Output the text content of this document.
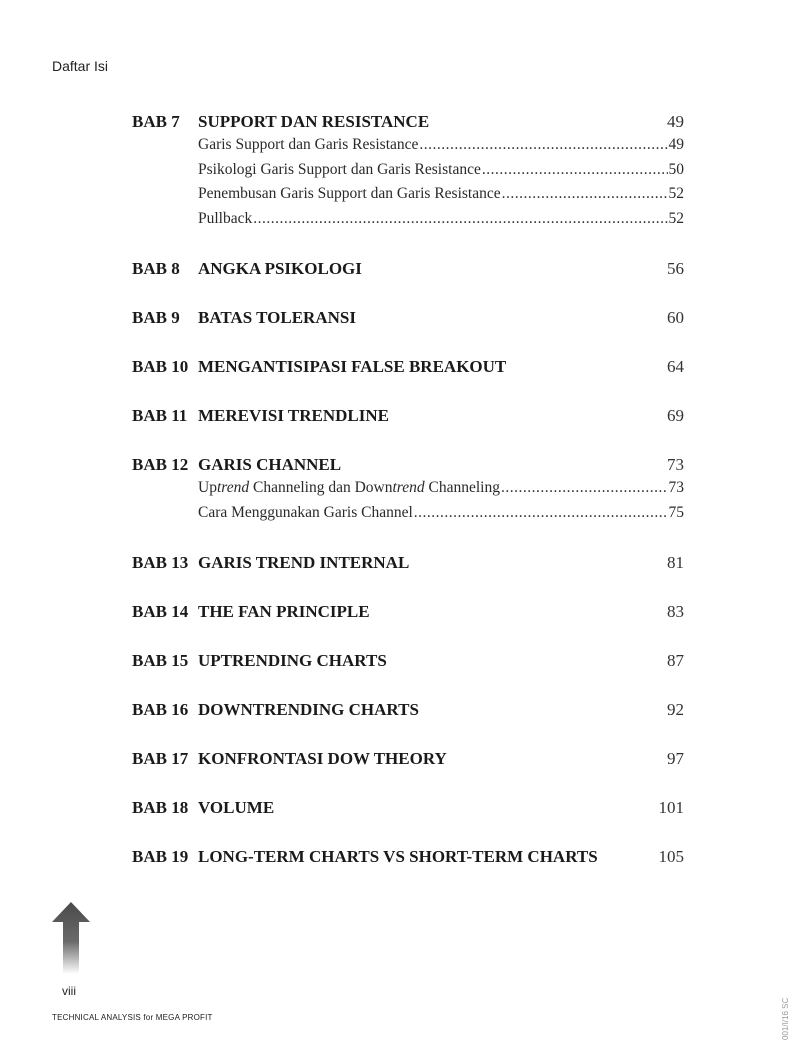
Daftar Isi
BAB 7	SUPPORT DAN RESISTANCE	49
Garis Support dan Garis Resistance .....	49
Psikologi Garis Support dan Garis Resistance .....	50
Penembusan Garis Support dan Garis Resistance .....	52
Pullback .....	52
BAB 8	ANGKA PSIKOLOGI	56
BAB 9	BATAS TOLERANSI	60
BAB 10 MENGANTISIPASI FALSE BREAKOUT	64
BAB 11 MEREVISI TRENDLINE	69
BAB 12 GARIS CHANNEL	73
Uptrend Channeling dan Downtrend Channeling .....	73
Cara Menggunakan Garis Channel .....	75
BAB 13 GARIS TREND INTERNAL	81
BAB 14 THE FAN PRINCIPLE	83
BAB 15 UPTRENDING CHARTS	87
BAB 16 DOWNTRENDING CHARTS	92
BAB 17 KONFRONTASI DOW THEORY	97
BAB 18 VOLUME	101
BAB 19 LONG-TERM CHARTS VS SHORT-TERM CHARTS	105
viii
TECHNICAL ANALYSIS for MEGA PROFIT	001/I/16 SC
